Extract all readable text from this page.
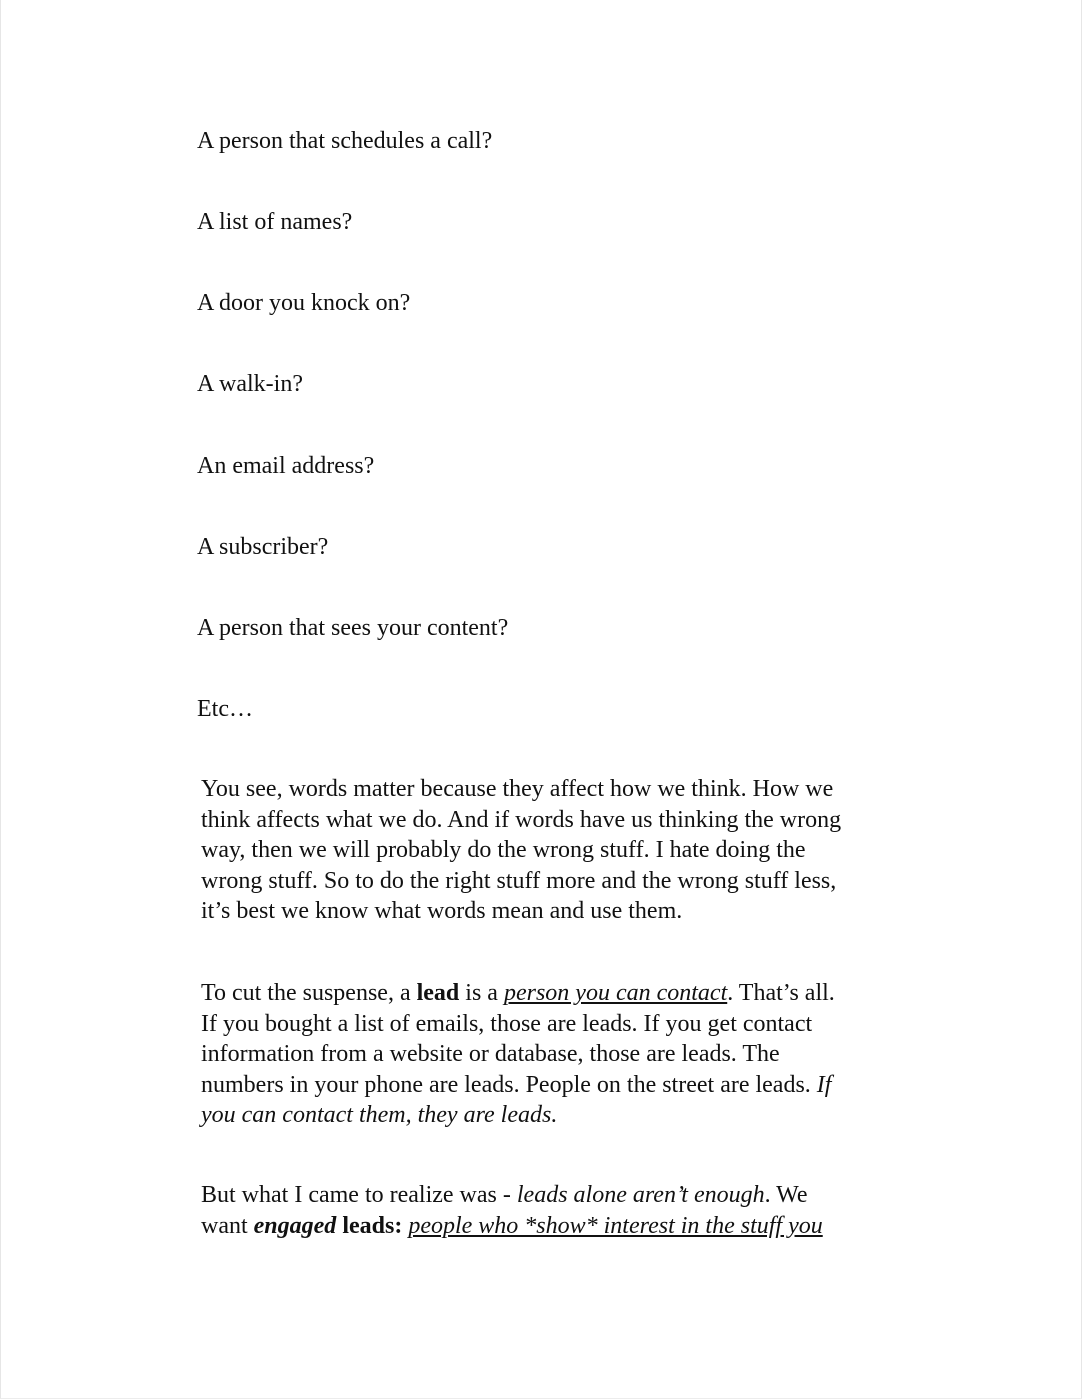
A person that schedules a call?

A list of names?

A door you knock on?

A walk-in?

An email address?

A subscriber?

A person that sees your content?

Etc…

You see, words matter because they affect how we think. How we
think affects what we do. And if words have us thinking the wrong
way, then we will probably do the wrong stuff. I hate doing the
wrong stuff. So to do the right stuff more and the wrong stuff less,
it’s best we know what words mean and use them.
To cut the suspense, a lead is a person you can contact. That’s all.
If you bought a list of emails, those are leads. If you get contact
information from a website or database, those are leads. The
numbers in your phone are leads. People on the street are leads. If
you can contact them, they are leads.
But what I came to realize was - leads alone aren’t enough. We
want engaged leads: people who *show* interest in the stuff you
